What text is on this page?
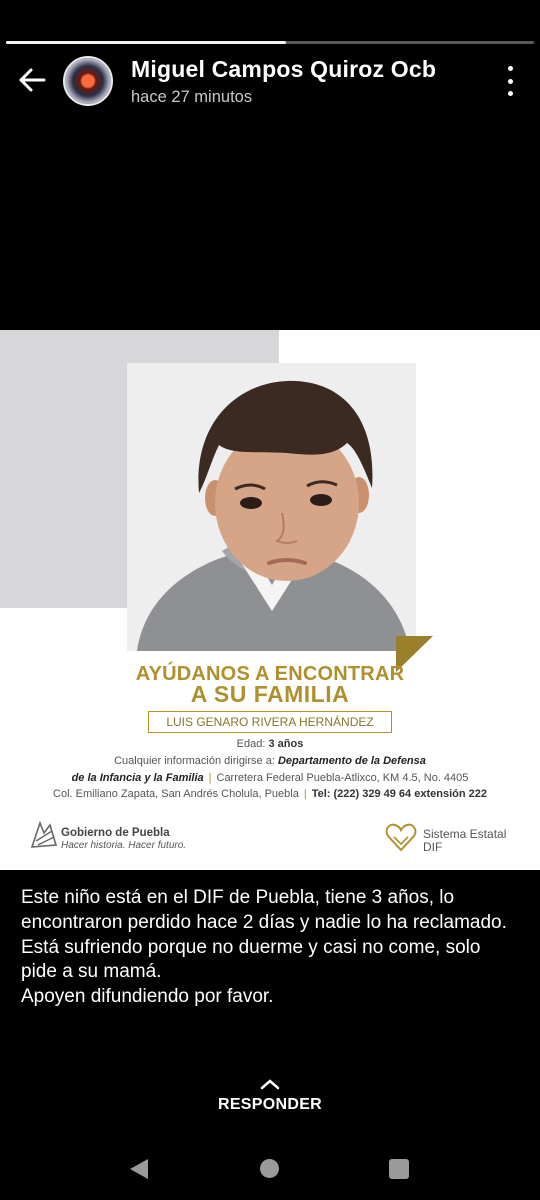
Miguel Campos Quiroz Ocb
hace 27 minutos
AYÚDANOS A ENCONTRAR
A SU FAMILIA
LUIS GENARO RIVERA HERNÁNDEZ
Edad: 3 años
Cualquier información dirigirse a: Departamento de la Defensa
de la Infancia y la Familia | Carretera Federal Puebla-Atlixco, KM 4.5, No. 4405
Col. Emiliano Zapata, San Andrés Cholula, Puebla | Tel: (222) 329 49 64 extensión 222
Gobierno de Puebla
Hacer historia. Hacer futuro.
Sistema Estatal
DIF
Este niño está en el DIF de Puebla, tiene 3 años, lo encontraron perdido hace 2 días y nadie lo ha reclamado.
Está sufriendo porque no duerme y casi no come, solo pide a su mamá.
Apoyen difundiendo por favor.
RESPONDER
